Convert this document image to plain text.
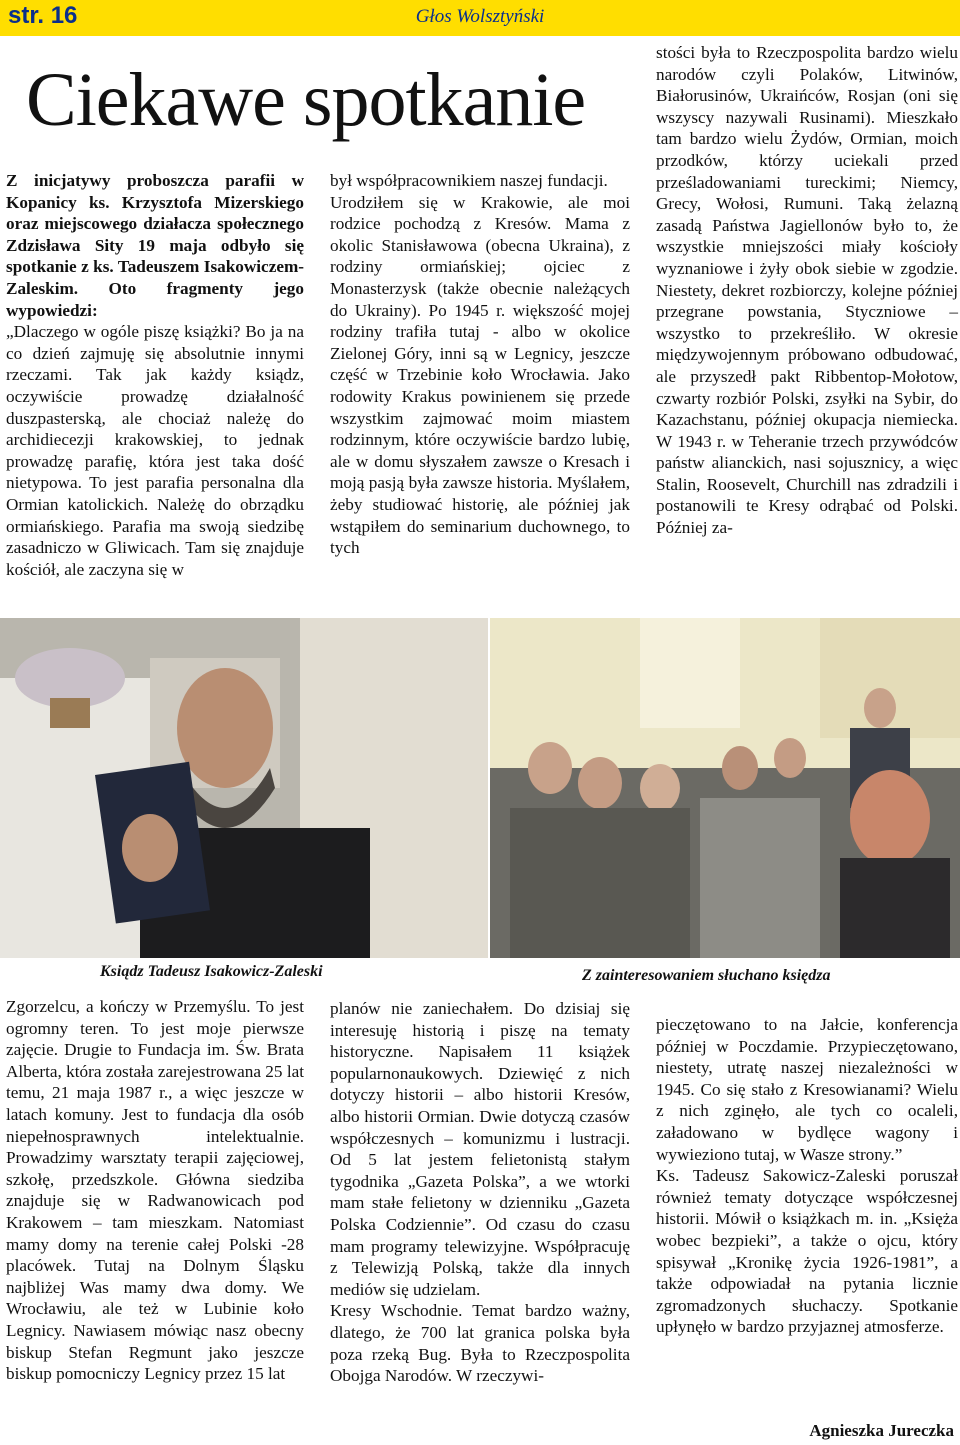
str. 16	Głos Wolsztyński
Ciekawe spotkanie

Z inicjatywy proboszcza parafii w Kopanicy ks. Krzysztofa Mizerskiego oraz miejscowego działacza społecznego Zdzisława Sity 19 maja odbyło się spotkanie z ks. Tadeuszem Isakowiczem-Zaleskim. Oto fragmenty jego wypowiedzi:

„Dlaczego w ogóle piszę książki? Bo ja na co dzień zajmuję się absolutnie innymi rzeczami. Tak jak każdy ksiądz, oczywiście prowadzę działalność duszpasterską, ale chociaż należę do archidiecezji krakowskiej, to jednak prowadzę parafię, która jest taka dość nietypowa. To jest parafia personalna dla Ormian katolickich. Należę do obrządku ormiańskiego. Parafia ma swoją siedzibę zasadniczo w Gliwicach. Tam się znajduje kościół, ale zaczyna się w

był współpracownikiem naszej fundacji.

Urodziłem się w Krakowie, ale moi rodzice pochodzą z Kresów. Mama z okolic Stanisławowa (obecna Ukraina), z rodziny ormiańskiej; ojciec z Monasterzysk (także obecnie należących do Ukrainy). Po 1945 r. większość mojej rodziny trafiła tutaj - albo w okolice Zielonej Góry, inni są w Legnicy, jeszcze część w Trzebinie koło Wrocławia. Jako rodowity Krakus powinienem się przede wszystkim zajmować moim miastem rodzinnym, które oczywiście bardzo lubię, ale w domu słyszałem zawsze o Kresach i moją pasją była zawsze historia. Myślałem, żeby studiować historię, ale później jak wstąpiłem do seminarium duchownego, to tych

stości była to Rzeczpospolita bardzo wielu narodów czyli Polaków, Litwinów, Białorusinów, Ukraińców, Rosjan (oni się wszyscy nazywali Rusinami). Mieszkało tam bardzo wielu Żydów, Ormian, moich przodków, którzy uciekali przed prześladowaniami tureckimi; Niemcy, Grecy, Wołosi, Rumuni. Taką żelazną zasadą Państwa Jagiellonów było to, że wszystkie mniejszości miały kościoły wyznaniowe i żyły obok siebie w zgodzie. Niestety, dekret rozbiorczy, kolejne później przegrane powstania, Styczniowe – wszystko to przekreśliło. W okresie międzywojennym próbowano odbudować, ale przyszedł pakt Ribbentop-Mołotow, czwarty rozbiór Polski, zsyłki na Sybir, do Kazachstanu, później okupacja niemiecka. W 1943 r. w Teheranie trzech przywódców państw alianckich, nasi sojusznicy, a więc Stalin, Roosevelt, Churchill nas zdradzili i postanowili te Kresy odrąbać od Polski. Później za-

Ksiądz Tadeusz Isakowicz-Zaleski	Z zainteresowaniem słuchano księdza

Zgorzelcu, a kończy w Przemyślu. To jest ogromny teren. To jest moje pierwsze zajęcie. Drugie to Fundacja im. Św. Brata Alberta, która została zarejestrowana 25 lat temu, 21 maja 1987 r., a więc jeszcze w latach komuny. Jest to fundacja dla osób niepełnosprawnych intelektualnie. Prowadzimy warsztaty terapii zajęciowej, szkołę, przedszkole. Główna siedziba znajduje się w Radwanowicach pod Krakowem – tam mieszkam. Natomiast mamy domy na terenie całej Polski -28 placówek. Tutaj na Dolnym Śląsku najbliżej Was mamy dwa domy. We Wrocławiu, ale też w Lubinie koło Legnicy. Nawiasem mówiąc nasz obecny biskup Stefan Regmunt jako jeszcze biskup pomocniczy Legnicy przez 15 lat

planów nie zaniechałem. Do dzisiaj się interesuję historią i piszę na tematy historyczne. Napisałem 11 książek popularnonaukowych. Dziewięć z nich dotyczy historii – albo historii Kresów, albo historii Ormian. Dwie dotyczą czasów współczesnych – komunizmu i lustracji. Od 5 lat jestem felietonistą stałym tygodnika „Gazeta Polska”, a we wtorki mam stałe felietony w dzienniku „Gazeta Polska Codziennie”. Od czasu do czasu mam programy telewizyjne. Współpracuję z Telewizją Polską, także dla innych mediów się udzielam.

Kresy Wschodnie. Temat bardzo ważny, dlatego, że 700 lat granica polska była poza rzeką Bug. Była to Rzeczpospolita Obojga Narodów. W rzeczywi-

pieczętowano to na Jałcie, konferencja później w Poczdamie. Przypieczętowano, niestety, utratę naszej niezależności w 1945. Co się stało z Kresowianami? Wielu z nich zginęło, ale tych co ocaleli, załadowano w bydlęce wagony i wywieziono tutaj, w Wasze strony.”

Ks. Tadeusz Sakowicz-Zaleski poruszał również tematy dotyczące współczesnej historii. Mówił o książkach m. in. „Księża wobec bezpieki”, a także o ojcu, który spisywał „Kronikę życia 1926-1981”, a także odpowiadał na pytania licznie zgromadzonych słuchaczy. Spotkanie upłynęło w bardzo przyjaznej atmosferze.

Agnieszka Jureczka
